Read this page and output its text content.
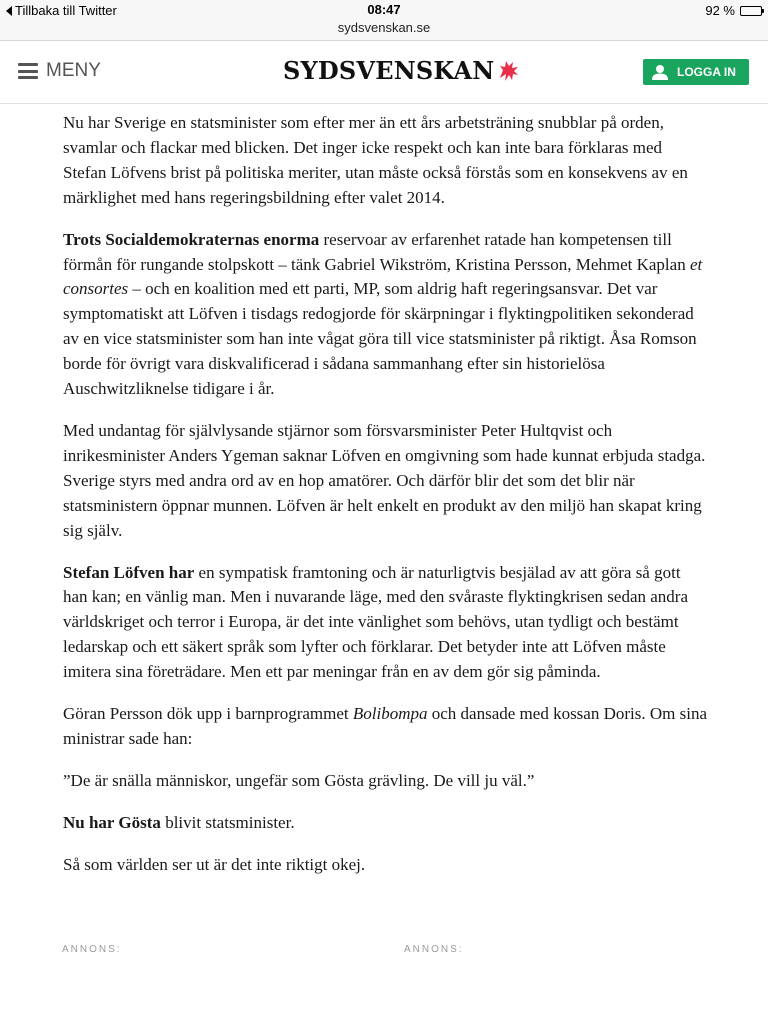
Tillbaka till Twitter	08:47
sydsvenskan.se
92 %
MENY	SYDSVENSKAN	LOGGA IN

Nu har Sverige en statsminister som efter mer än ett års arbetsträning snubblar på orden, svamlar och flackar med blicken. Det inger icke respekt och kan inte bara förklaras med Stefan Löfvens brist på politiska meriter, utan måste också förstås som en konsekvens av en märklighet med hans regeringsbildning efter valet 2014.

Trots Socialdemokraternas enorma reservoar av erfarenhet ratade han kompetensen till förmån för rungande stolpskott – tänk Gabriel Wikström, Kristina Persson, Mehmet Kaplan et consortes – och en koalition med ett parti, MP, som aldrig haft regeringsansvar. Det var symptomatiskt att Löfven i tisdags redogjorde för skärpningar i flyktingpolitiken sekonderad av en vice statsminister som han inte vågat göra till vice statsminister på riktigt. Åsa Romson borde för övrigt vara diskvalificerad i sådana sammanhang efter sin historielösa Auschwitzliknelse tidigare i år.

Med undantag för självlysande stjärnor som försvarsminister Peter Hultqvist och inrikesminister Anders Ygeman saknar Löfven en omgivning som hade kunnat erbjuda stadga. Sverige styrs med andra ord av en hop amatörer. Och därför blir det som det blir när statsministern öppnar munnen. Löfven är helt enkelt en produkt av den miljö han skapat kring sig själv.

Stefan Löfven har en sympatisk framtoning och är naturligtvis besjälad av att göra så gott han kan; en vänlig man. Men i nuvarande läge, med den svåraste flyktingkrisen sedan andra världskriget och terror i Europa, är det inte vänlighet som behövs, utan tydligt och bestämt ledarskap och ett säkert språk som lyfter och förklarar. Det betyder inte att Löfven måste imitera sina företrädare. Men ett par meningar från en av dem gör sig påminda.

Göran Persson dök upp i barnprogrammet Bolibompa och dansade med kossan Doris. Om sina ministrar sade han:

”De är snälla människor, ungefär som Gösta grävling. De vill ju väl.”

Nu har Gösta blivit statsminister.

Så som världen ser ut är det inte riktigt okej.

ANNONS:	ANNONS:
